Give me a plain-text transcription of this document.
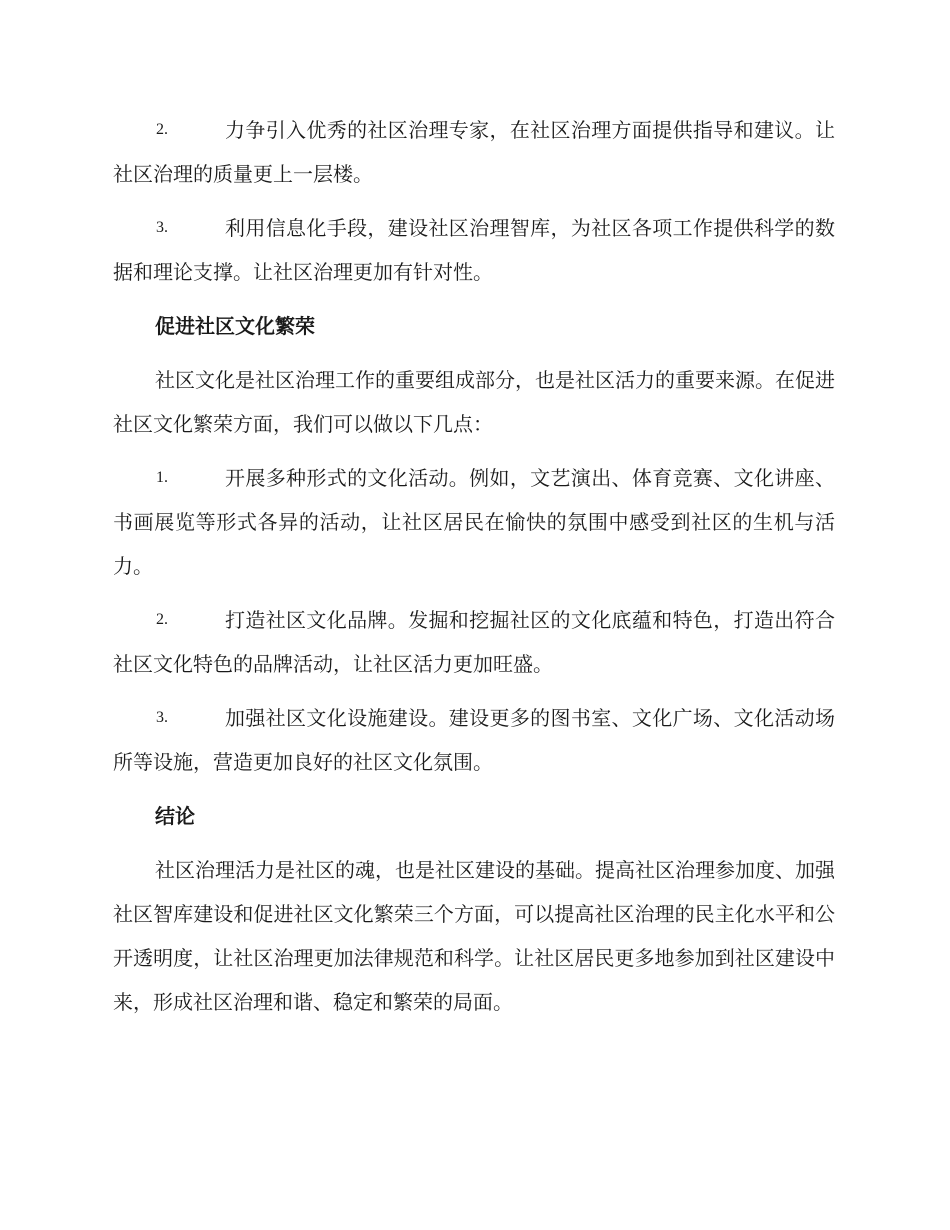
2.	力争引入优秀的社区治理专家，在社区治理方面提供指导和建议。让社区治理的质量更上一层楼。
3.	利用信息化手段，建设社区治理智库，为社区各项工作提供科学的数据和理论支撑。让社区治理更加有针对性。
促进社区文化繁荣
社区文化是社区治理工作的重要组成部分，也是社区活力的重要来源。在促进社区文化繁荣方面，我们可以做以下几点：
1.	开展多种形式的文化活动。例如，文艺演出、体育竞赛、文化讲座、书画展览等形式各异的活动，让社区居民在愉快的氛围中感受到社区的生机与活力。
2.	打造社区文化品牌。发掘和挖掘社区的文化底蕴和特色，打造出符合社区文化特色的品牌活动，让社区活力更加旺盛。
3.	加强社区文化设施建设。建设更多的图书室、文化广场、文化活动场所等设施，营造更加良好的社区文化氛围。
结论
社区治理活力是社区的魂，也是社区建设的基础。提高社区治理参加度、加强社区智库建设和促进社区文化繁荣三个方面，可以提高社区治理的民主化水平和公开透明度，让社区治理更加法律规范和科学。让社区居民更多地参加到社区建设中来，形成社区治理和谐、稳定和繁荣的局面。
